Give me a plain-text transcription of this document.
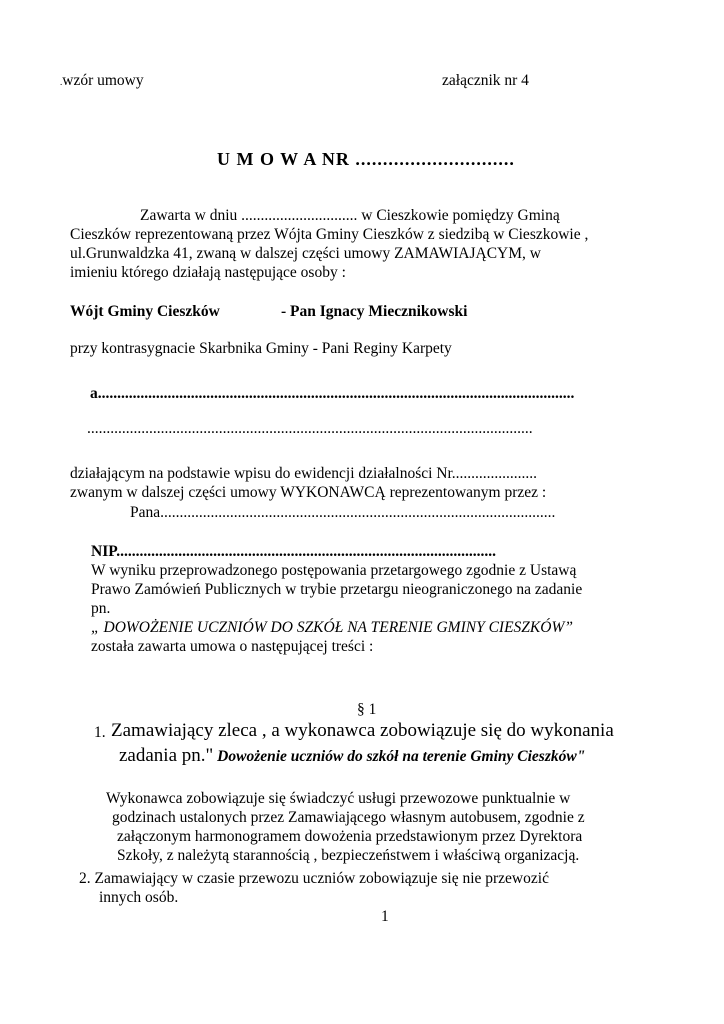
.wzór umowy	załącznik nr 4
U M O W A NR .............................
Zawarta w dniu .............................. w Cieszkowie pomiędzy Gminą
Cieszków reprezentowaną przez Wójta Gminy Cieszków z siedzibą w Cieszkowie ,
ul.Grunwaldzka 41, zwaną w dalszej części umowy ZAMAWIAJĄCYM, w
imieniu którego działają następujące osoby :
Wójt Gminy Cieszków	- Pan Ignacy Miecznikowski
przy kontrasygnacie Skarbnika Gminy - Pani Reginy Karpety
a...........................................................................................................................
...................................................................................................................
działającym na podstawie wpisu do ewidencji działalności Nr......................
zwanym w dalszej części umowy WYKONAWCĄ reprezentowanym przez :
Pana......................................................................................................
NIP..................................................................................................
W wyniku przeprowadzonego postępowania przetargowego zgodnie z Ustawą
Prawo Zamówień Publicznych w trybie przetargu nieograniczonego na zadanie
pn.
„ DOWOŻENIE UCZNIÓW DO SZKÓŁ NA TERENIE GMINY CIESZKÓW”
została zawarta umowa o następującej treści :
§ 1
1. Zamawiający zleca , a wykonawca zobowiązuje się do wykonania
zadania pn." Dowożenie uczniów do szkół na terenie Gminy Cieszków"
Wykonawca zobowiązuje się świadczyć usługi przewozowe punktualnie w
godzinach ustalonych przez Zamawiającego własnym autobusem, zgodnie z
załączonym harmonogramem dowożenia przedstawionym przez Dyrektora
Szkoły, z należytą starannością , bezpieczeństwem i właściwą organizacją.
2. Zamawiający w czasie przewozu uczniów zobowiązuje się nie przewozić
innych osób.
1
